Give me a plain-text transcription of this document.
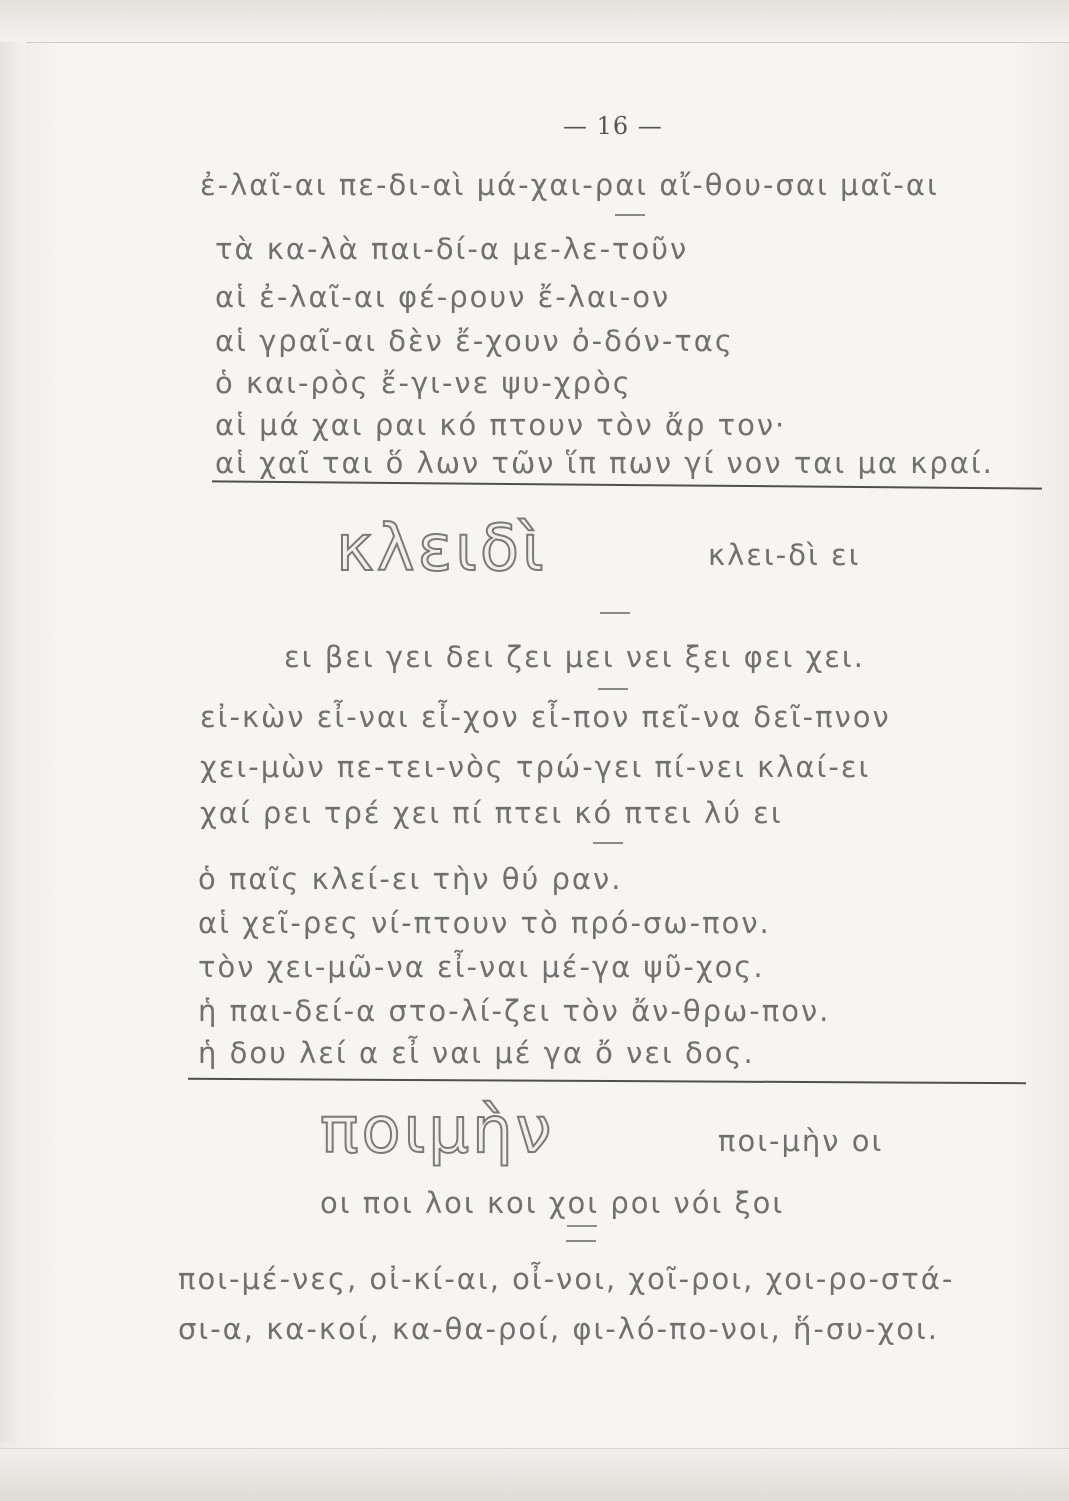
— 16 —
ἐ-λαῖ-αι πε-δι-αὶ μά-χαι-ραι αἴ-θου-σαι μαῖ-αι
τὰ κα-λὰ παι-δί-α με-λε-τοῦν
αἱ ἐ-λαῖ-αι φέ-ρουν ἔ-λαι-ον
αἱ γραῖ-αι δὲν ἔ-χουν ὀ-δόν-τας
ὁ και-ρὸς ἔ-γι-νε ψυ-χρὸς
αἱ μά χαι ραι κό πτουν τὸν ἄρ τον·
αἱ χαῖ ται ὅ λων τῶν ἵπ πων γί νον ται μα κραί.
κλειδὶ	κλει-δὶ ει
ει βει γει δει ζει μει νει ξει φει χει.
εἰ-κὼν εἶ-ναι εἶ-χον εἶ-πον πεῖ-να δεῖ-πνον
χει-μὼν πε-τει-νὸς τρώ-γει πί-νει κλαί-ει
χαί ρει τρέ χει πί πτει κό πτει λύ ει
ὁ παῖς κλεί-ει τὴν θύ ραν.
αἱ χεῖ-ρες νί-πτουν τὸ πρό-σω-πον.
τὸν χει-μῶ-να εἶ-ναι μέ-γα ψῦ-χος.
ἡ παι-δεί-α στο-λί-ζει τὸν ἄν-θρω-πον.
ἡ δου λεί α εἶ ναι μέ γα ὄ νει δος.
ποιμὴν	ποι-μὴν οι
οι ποι λοι κοι χοι ροι νόι ξοι
ποι-μέ-νες, οἰ-κί-αι, οἶ-νοι, χοῖ-ροι, χοι-ρο-στά-
σι-α, κα-κοί, κα-θα-ροί, φι-λό-πο-νοι, ἥ-συ-χοι.
